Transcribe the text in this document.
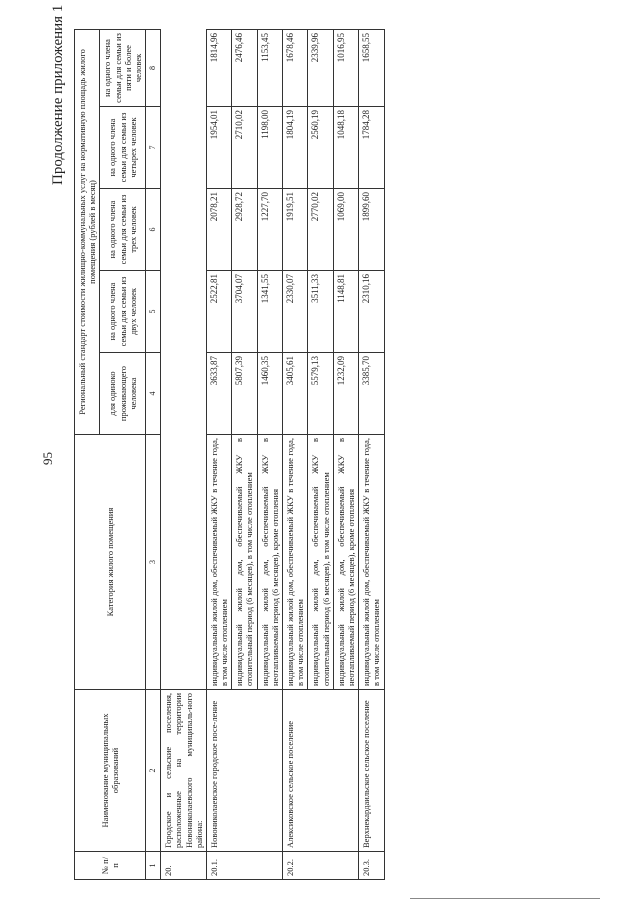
95
Продолжение приложения 1
№ п/п	Наименование муниципальных образований	Категория жилого помещения	Региональный стандарт стоимости жилищно-коммунальных услуг на нормативную площадь жилого помещения (рублей в месяц)				
			для одиноко проживающего человека	на одного члена семьи для семьи из двух человек	на одного члена семьи для семьи из трех человек	на одного члена семьи для семьи из четырех человек	на одного члена семьи для семьи из пяти и более человек
1	2	3	4	5	6	7	8
20.	Городское и сельские поселения, расположенные на территории Новониколаевского муниципаль-ного района:						
20.1.	Новониколаевское городское посе-ление	индивидуальный жилой дом, обеспечиваемый ЖКУ в течение года, в том числе отоплением	3633,87	2522,81	2078,21	1954,01	1814,96
		индивидуальный жилой дом, обеспечиваемый ЖКУ в отопительный период (6 месяцев), в том числе отоплением	5807,39	3704,07	2928,72	2710,02	2476,46
		индивидуальный жилой дом, обеспечиваемый ЖКУ в неотапливаемый период (6 месяцев), кроме отопления	1460,35	1341,55	1227,70	1198,00	1153,45
20.2.	Алексиковское сельское поселение	индивидуальный жилой дом, обеспечиваемый ЖКУ в течение года, в том числе отоплением	3405,61	2330,07	1919,51	1804,19	1678,46
		индивидуальный жилой дом, обеспечиваемый ЖКУ в отопительный период (6 месяцев), в том числе отоплением	5579,13	3511,33	2770,02	2560,19	2339,96
		индивидуальный жилой дом, обеспечиваемый ЖКУ в неотапливаемый период (6 месяцев), кроме отопления	1232,09	1148,81	1069,00	1048,18	1016,95
20.3.	Верхнекардаильское сельское поселение	индивидуальный жилой дом, обеспечиваемый ЖКУ в течение года, в том числе отоплением	3385,70	2310,16	1899,60	1784,28	1658,55
